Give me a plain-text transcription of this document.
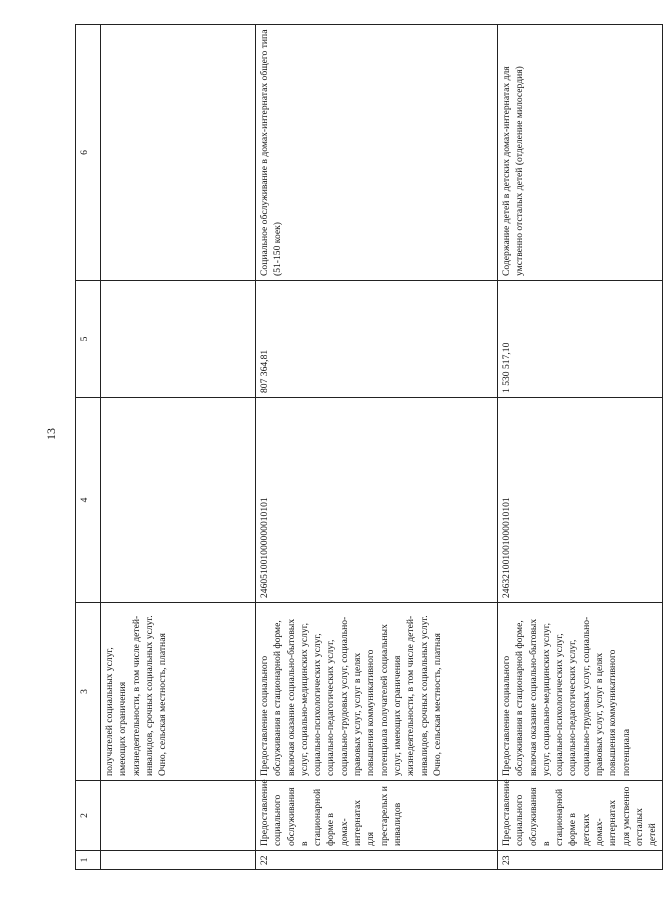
13
1	2	3	4	5	6
		получателей социальных услуг, имеющих ограничения жизнедеятельности, в том числе детей-инвалидов, срочных социальных услуг. Очно, сельская местность, платная			
22	Предоставление социального обслуживания в стационарной форме в домах-интернатах для престарелых и инвалидов	Предоставление социального обслуживания в стационарной форме, включая оказание социально-бытовых услуг, социально-медицинских услуг, социально-психологических услуг, социально-педагогических услуг, социально-трудовых услуг, социально-правовых услуг, услуг в целях повышения коммуникативного потенциала получателей социальных услуг, имеющих ограничения жизнедеятельности, в том числе детей-инвалидов, срочных социальных услуг. Очно, сельская местность, платная	246051001000000010101	807 364,81	Социальное обслуживание в домах-интернатах общего типа (51-150 коек)
23	Предоставление социального обслуживания в стационарной форме в детских домах-интернатах для умственно отсталых детей	Предоставление социального обслуживания в стационарной форме, включая оказание социально-бытовых услуг, социально-медицинских услуг, социально-психологических услуг, социально-педагогических услуг, социально-трудовых услуг, социально-правовых услуг, услуг в целях повышения коммуникативного потенциала	246321001001000010101	1 530 517,10	Содержание детей в детских домах-интернатах для умственно отсталых детей (отделение милосердия)
